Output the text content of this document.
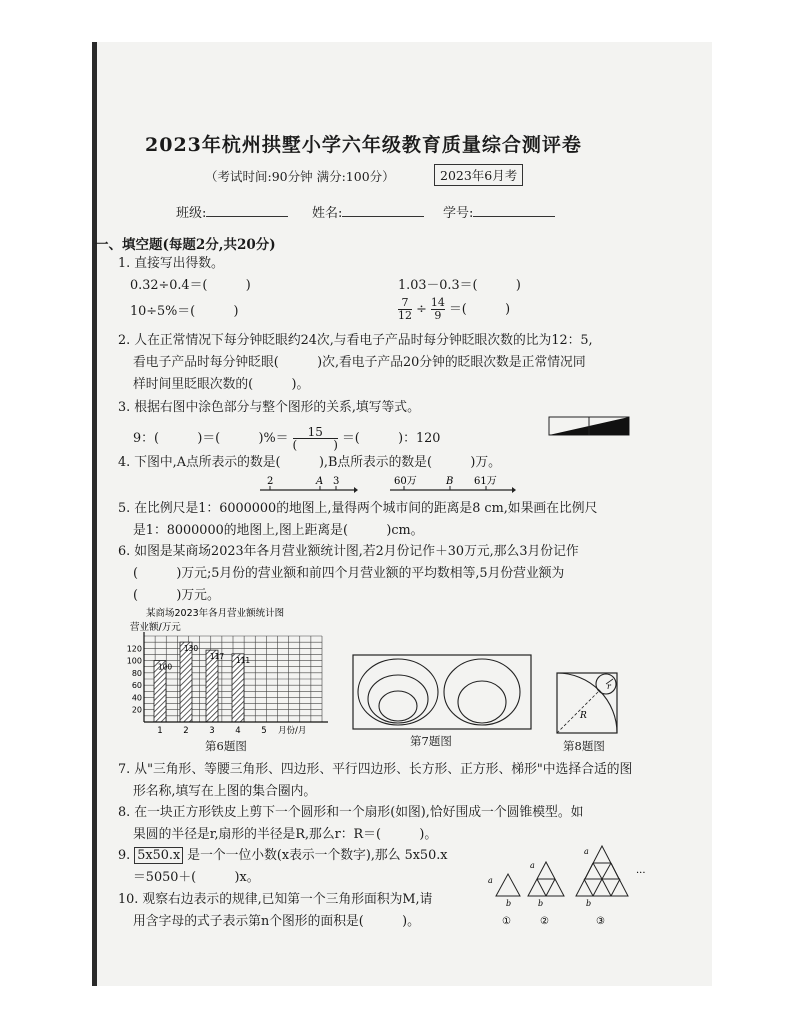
2023年杭州拱墅小学六年级教育质量综合测评卷
（考试时间:90分钟 满分:100分）	2023年6月考
班级:	姓名:	学号:
一、填空题(每题2分,共20分)
1. 直接写出得数。
0.32÷0.4＝(　　　)	1.03－0.3＝(　　　)
10÷5%＝(　　　)	$\frac{7}{12} \div \frac{14}{9}$ ＝(　　　)
2. 人在正常情况下每分钟眨眼约24次,与看电子产品时每分钟眨眼次数的比为12：5,
看电子产品时每分钟眨眼(　　　)次,看电子产品20分钟的眨眼次数是正常情况同
样时间里眨眼次数的(　　　)。
3. 根据右图中涂色部分与整个图形的关系,填写等式。
9：(　　　)＝(　　　)%＝ $\frac{15}{( )}$ ＝(　　　)：120
4. 下图中,A点所表示的数是(　　　),B点所表示的数是(　　　)万。
2	A 3	60万	B 61万
5. 在比例尺是1：6000000的地图上,量得两个城市间的距离是8 cm,如果画在比例尺
是1：8000000的地图上,图上距离是(　　　)cm。
6. 如图是某商场2023年各月营业额统计图,若2月份记作＋30万元,那么3月份记作
(　　　)万元;5月份的营业额和前四个月营业额的平均数相等,5月份营业额为
(　　　)万元。
某商场2023年各月营业额统计图
营业额/万元
100
130
117 111
20
40
60
80
100
120
1 2 3 4 5 月份/月
第6题图	第7题图
r
R
第8题图
7. 从"三角形、等腰三角形、四边形、平行四边形、长方形、正方形、梯形"中选择合适的图
形名称,填写在上图的集合圈内。
8. 在一块正方形铁皮上剪下一个圆形和一个扇形(如图),恰好围成一个圆锥模型。如
果圆的半径是r,扇形的半径是R,那么r：R＝(　　　)。
9. 5x50.x 是一个一位小数(x表示一个数字),那么 5x50.x
＝5050＋(　　　)x。
10. 观察右边表示的规律,已知第一个三角形面积为M,请
用含字母的式子表示第n个图形的面积是(　　　)。
a
b
①
a
b
②
a
b
③
···
